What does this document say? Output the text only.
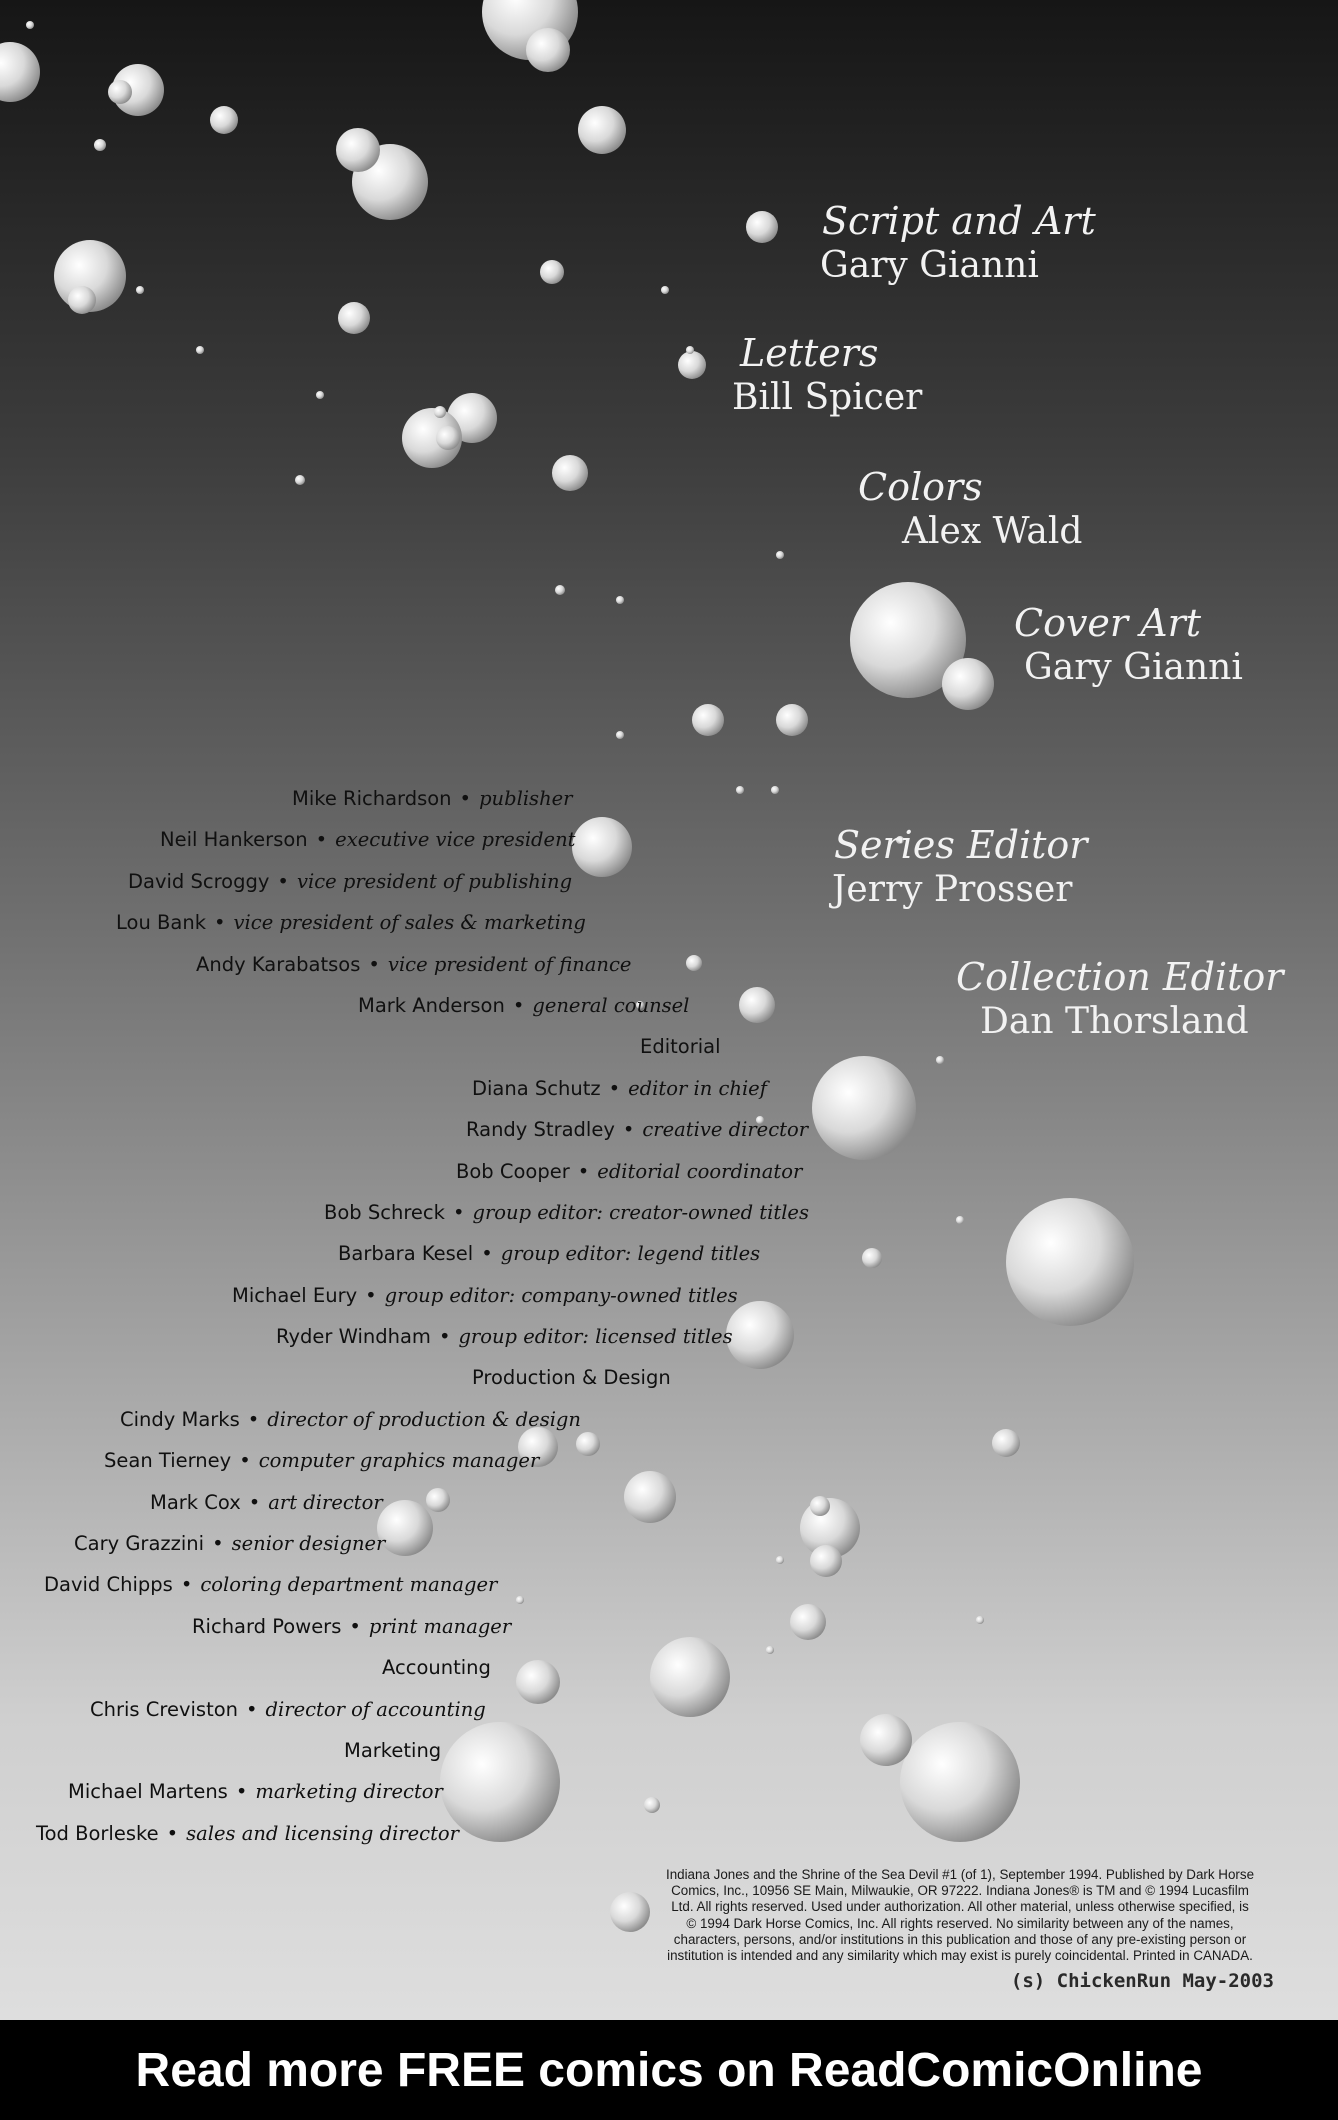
Script and Art
Gary Gianni
Letters
Bill Spicer
Colors
Alex Wald
Cover Art
Gary Gianni
Series Editor
Jerry Prosser
Collection Editor
Dan Thorsland
Mike Richardson • publisher
Neil Hankerson • executive vice president
David Scroggy • vice president of publishing
Lou Bank • vice president of sales & marketing
Andy Karabatsos • vice president of finance
Mark Anderson • general counsel
Editorial
Diana Schutz • editor in chief
Randy Stradley • creative director
Bob Cooper • editorial coordinator
Bob Schreck • group editor: creator-owned titles
Barbara Kesel • group editor: legend titles
Michael Eury • group editor: company-owned titles
Ryder Windham • group editor: licensed titles
Production & Design
Cindy Marks • director of production & design
Sean Tierney • computer graphics manager
Mark Cox • art director
Cary Grazzini • senior designer
David Chipps • coloring department manager
Richard Powers • print manager
Accounting
Chris Creviston • director of accounting
Marketing
Michael Martens • marketing director
Tod Borleske • sales and licensing director
Indiana Jones and the Shrine of the Sea Devil #1 (of 1), September 1994. Published by Dark Horse
Comics, Inc., 10956 SE Main, Milwaukie, OR 97222. Indiana Jones® is TM and © 1994 Lucasfilm
Ltd. All rights reserved. Used under authorization. All other material, unless otherwise specified, is
© 1994 Dark Horse Comics, Inc. All rights reserved. No similarity between any of the names,
characters, persons, and/or institutions in this publication and those of any pre-existing person or
institution is intended and any similarity which may exist is purely coincidental. Printed in CANADA.
(s) ChickenRun May-2003
Read more FREE comics on ReadComicOnline
